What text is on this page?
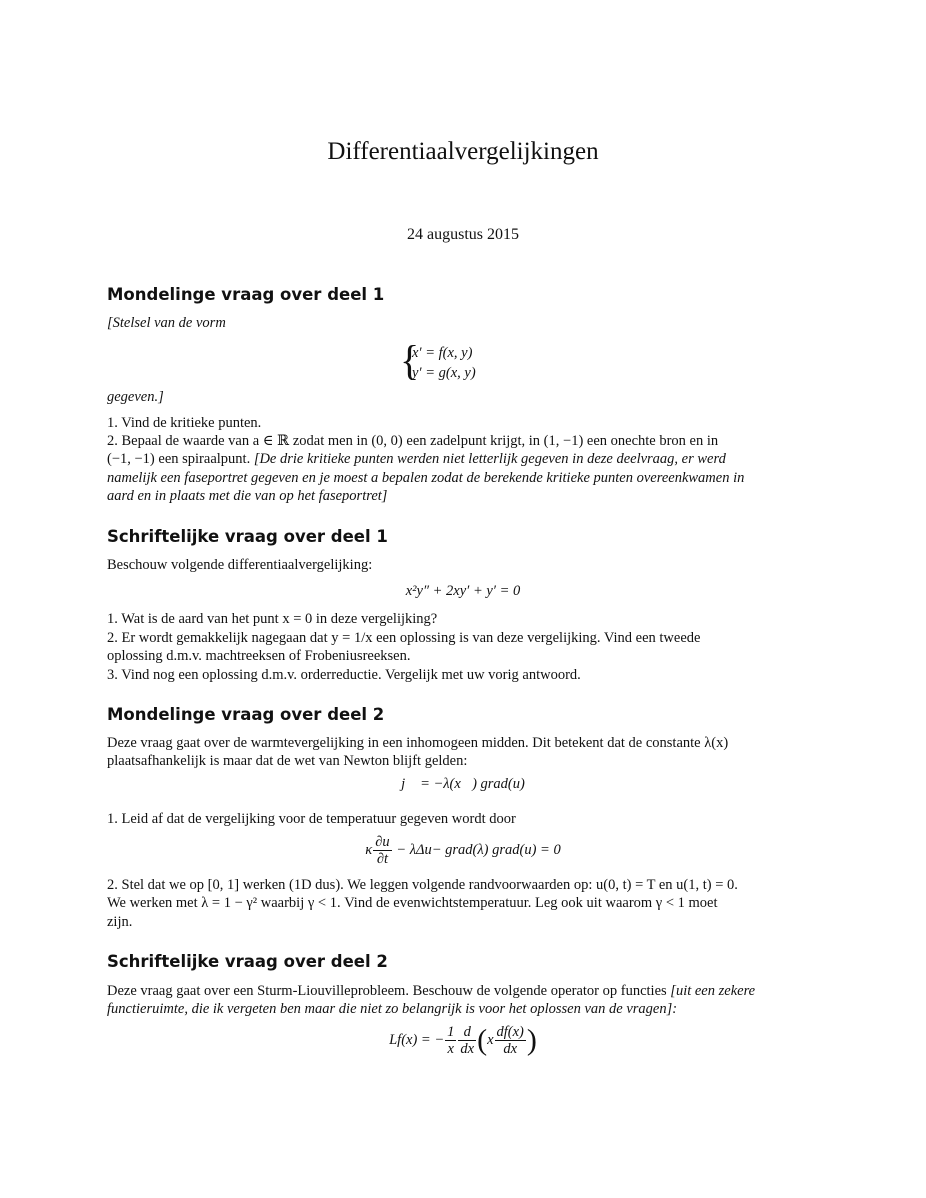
Differentiaalvergelijkingen
24 augustus 2015
Mondelinge vraag over deel 1
[Stelsel van de vorm
{
x′ = f(x, y)
y′ = g(x, y)
gegeven.]
1. Vind de kritieke punten.
2. Bepaal de waarde van a ∈ ℝ zodat men in (0, 0) een zadelpunt krijgt, in (1, −1) een onechte bron en in
(−1, −1) een spiraalpunt. [De drie kritieke punten werden niet letterlijk gegeven in deze deelvraag, er werd
namelijk een faseportret gegeven en je moest a bepalen zodat de berekende kritieke punten overeenkwamen in
aard en in plaats met die van op het faseportret]
Schriftelijke vraag over deel 1
Beschouw volgende differentiaalvergelijking:
x²y″ + 2xy′ + y′ = 0
1. Wat is de aard van het punt x = 0 in deze vergelijking?
2. Er wordt gemakkelijk nagegaan dat y = 1/x een oplossing is van deze vergelijking. Vind een tweede
oplossing d.m.v. machtreeksen of Frobeniusreeksen.
3. Vind nog een oplossing d.m.v. orderreductie. Vergelijk met uw vorig antwoord.
Mondelinge vraag over deel 2
Deze vraag gaat over de warmtevergelijking in een inhomogeen midden. Dit betekent dat de constante λ(x)
plaatsafhankelijk is maar dat de wet van Newton blijft gelden:
j⃗ = −λ(x⃗) grad(u)
1. Leid af dat de vergelijking voor de temperatuur gegeven wordt door
κ $\frac{\partial u}{\partial t} - \lambda\Delta u-$ grad(λ) grad(u) = 0
2. Stel dat we op [0, 1] werken (1D dus). We leggen volgende randvoorwaarden op: u(0, t) = T en u(1, t) = 0.
We werken met λ = 1 − γ² waarbij γ < 1. Vind de evenwichtstemperatuur. Leg ook uit waarom γ < 1 moet
zijn.
Schriftelijke vraag over deel 2
Deze vraag gaat over een Sturm-Liouvilleprobleem. Beschouw de volgende operator op functies [uit een zekere
functieruimte, die ik vergeten ben maar die niet zo belangrijk is voor het oplossen van de vragen]:
Lf(x) = − $\frac{1}{x} \frac{d}{dx} (x \frac{df(x)}{dx}$ )
